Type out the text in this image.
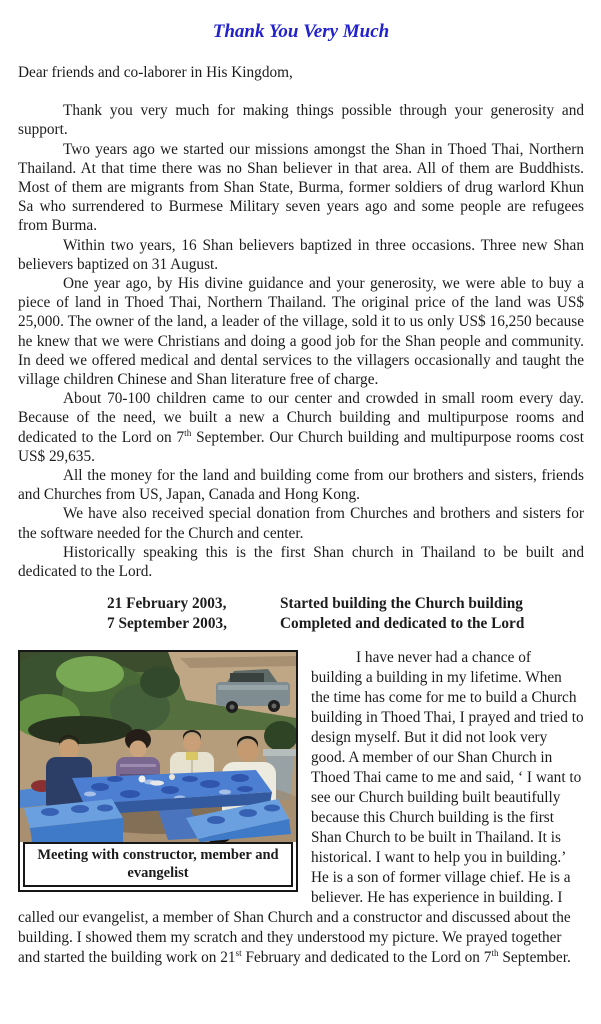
Thank You Very Much

Dear friends and co-laborer in His Kingdom,

Thank you very much for making things possible through your generosity and support.

Two years ago we started our missions amongst the Shan in Thoed Thai, Northern Thailand. At that time there was no Shan believer in that area. All of them are Buddhists. Most of them are migrants from Shan State, Burma, former soldiers of drug warlord Khun Sa who surrendered to Burmese Military seven years ago and some people are refugees from Burma.

Within two years, 16 Shan believers baptized in three occasions. Three new Shan believers baptized on 31 August.

One year ago, by His divine guidance and your generosity, we were able to buy a piece of land in Thoed Thai, Northern Thailand. The original price of the land was US$ 25,000. The owner of the land, a leader of the village, sold it to us only US$ 16,250 because he knew that we were Christians and doing a good job for the Shan people and community. In deed we offered medical and dental services to the villagers occasionally and taught the village children Chinese and Shan literature free of charge.

About 70-100 children came to our center and crowded in small room every day. Because of the need, we built a new a Church building and multipurpose rooms and dedicated to the Lord on 7th September. Our Church building and multipurpose rooms cost US$ 29,635.

All the money for the land and building come from our brothers and sisters, friends and Churches from US, Japan, Canada and Hong Kong.

We have also received special donation from Churches and brothers and sisters for the software needed for the Church and center.

Historically speaking this is the first Shan church in Thailand to be built and dedicated to the Lord.

21 February 2003,	Started building the Church building
7 September 2003,	Completed and dedicated to the Lord
Meeting with constructor, member and
evangelist

I have never had a chance of building a building in my lifetime. When the time has come for me to build a Church building in Thoed Thai, I prayed and tried to design myself. But it did not look very good. A member of our Shan Church in Thoed Thai came to me and said, ‘ I want to see our Church building built beautifully because this Church building is the first Shan Church to be built in Thailand. It is historical. I want to help you in building.’ He is a son of former village chief. He is a believer. He has experience in building. I called our evangelist, a member of Shan Church and a constructor and discussed about the building. I showed them my scratch and they understood my picture. We prayed together and started the building work on 21st February and dedicated to the Lord on 7th September.
